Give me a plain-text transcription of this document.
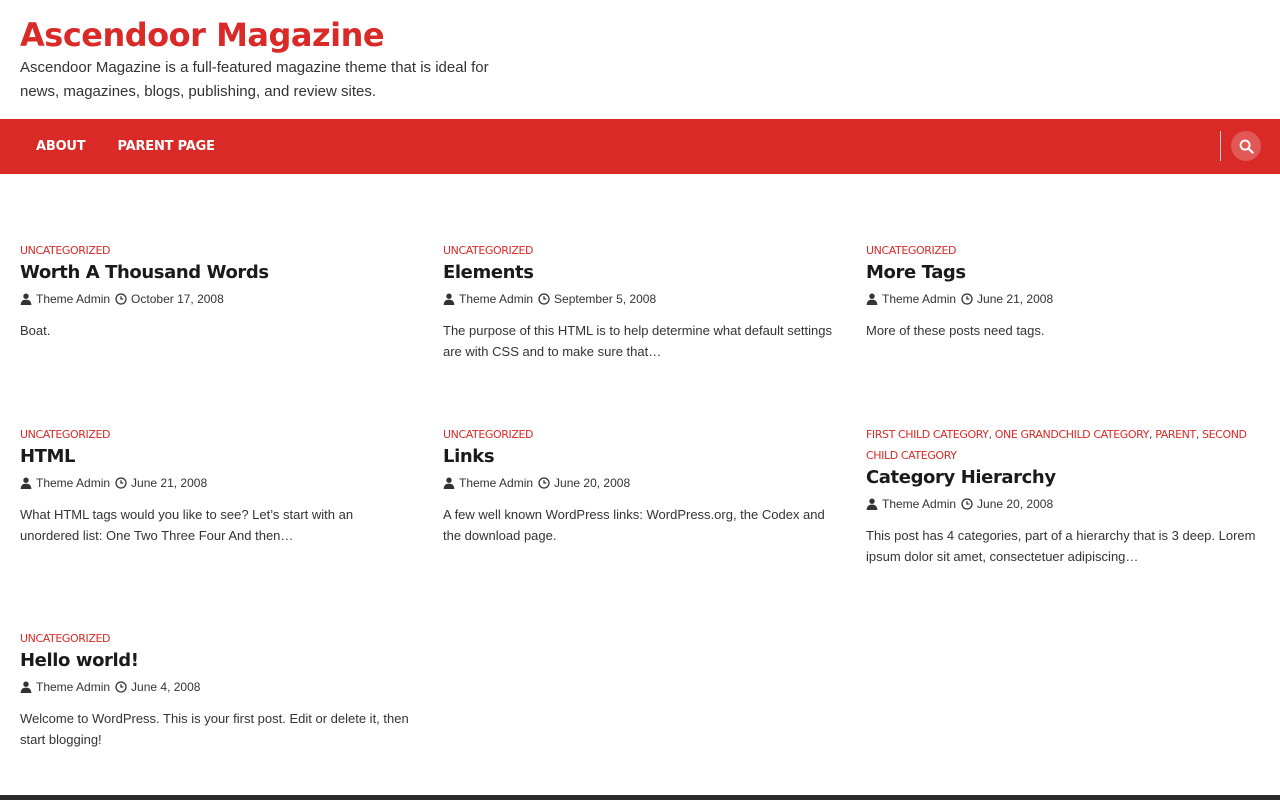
Ascendoor Magazine

Ascendoor Magazine is a full-featured magazine theme that is ideal for news, magazines, blogs, publishing, and review sites.

ABOUT	PARENT PAGE
UNCATEGORIZED
Worth A Thousand Words
Theme Admin October 17, 2008

Boat.

UNCATEGORIZED
Elements
Theme Admin September 5, 2008

The purpose of this HTML is to help determine what default settings are with CSS and to make sure that…

UNCATEGORIZED
More Tags
Theme Admin June 21, 2008

More of these posts need tags.

UNCATEGORIZED
HTML
Theme Admin June 21, 2008

What HTML tags would you like to see? Let’s start with an unordered list: One Two Three Four And then…

UNCATEGORIZED
Links
Theme Admin June 20, 2008

A few well known WordPress links: WordPress.org, the Codex and the download page.

FIRST CHILD CATEGORY, ONE GRANDCHILD CATEGORY, PARENT, SECOND CHILD CATEGORY
Category Hierarchy
Theme Admin June 20, 2008

This post has 4 categories, part of a hierarchy that is 3 deep. Lorem ipsum dolor sit amet, consectetuer adipiscing…

UNCATEGORIZED
Hello world!
Theme Admin June 4, 2008

Welcome to WordPress. This is your first post. Edit or delete it, then start blogging!
